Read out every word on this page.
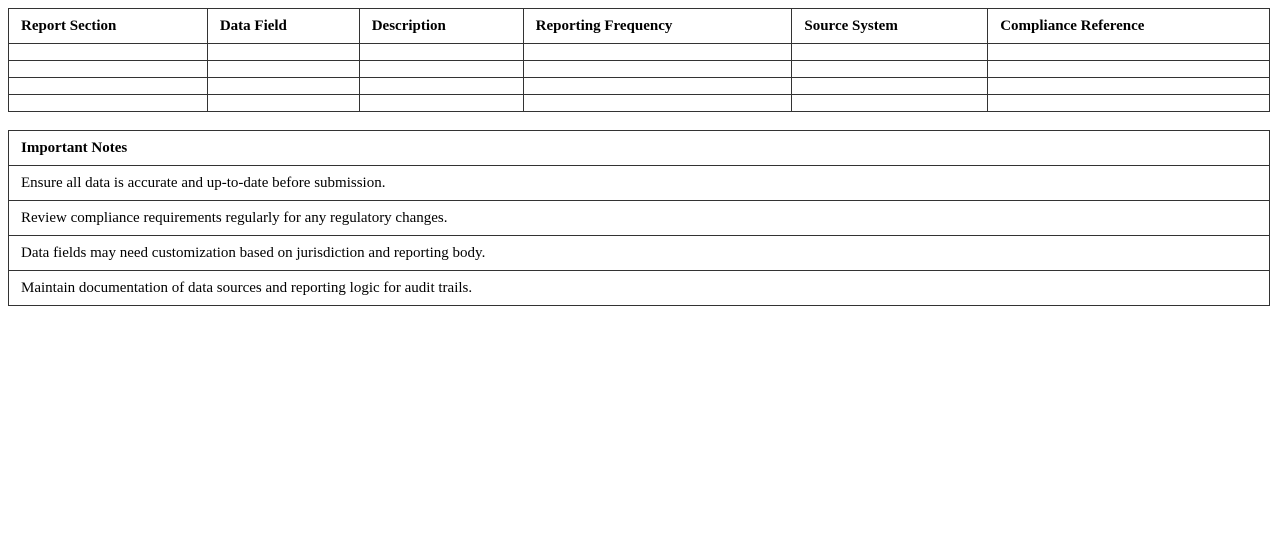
Report Section	Data Field	Description	Reporting Frequency	Source System	Compliance Reference

Important Notes
Ensure all data is accurate and up-to-date before submission.
Review compliance requirements regularly for any regulatory changes.
Data fields may need customization based on jurisdiction and reporting body.
Maintain documentation of data sources and reporting logic for audit trails.
